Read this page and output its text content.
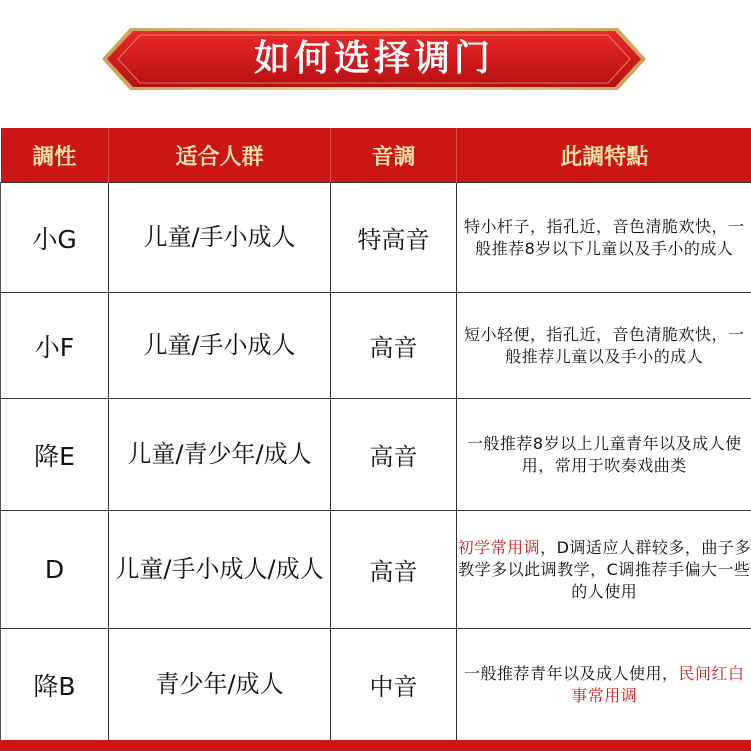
如何选择调门
調性	适合人群	音調	此調特點
小G	儿童/手小成人	特高音	特小杆子，指孔近，音色清脆欢快，一般推荐8岁以下儿童以及手小的成人
小F	儿童/手小成人	高音	短小轻便，指孔近，音色清脆欢快，一般推荐儿童以及手小的成人
降E	儿童/青少年/成人	高音	一般推荐8岁以上儿童青年以及成人使用，常用于吹奏戏曲类
D	儿童/手小成人/成人	高音	初学常用调，D调适应人群较多，曲子多教学多以此调教学，C调推荐手偏大一些的人使用
降B	青少年/成人	中音	一般推荐青年以及成人使用，民间红白事常用调
